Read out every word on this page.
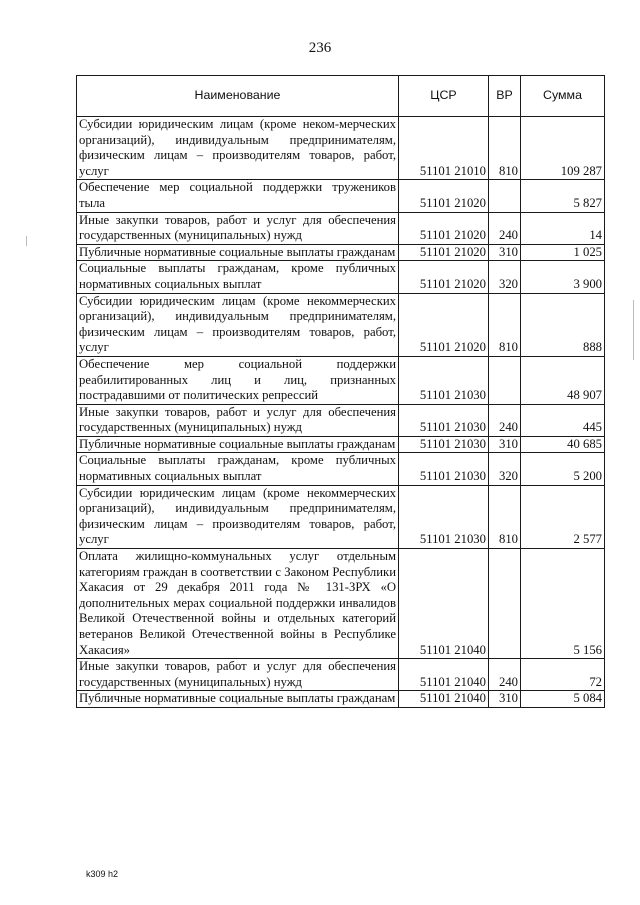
236
Наименование	ЦСР	ВР	Сумма
Субсидии юридическим лицам (кроме неком-мерческих организаций), индивидуальным предпринимателям, физическим лицам – производителям товаров, работ, услуг	51101 21010	810	109 287
Обеспечение мер социальной поддержки тружеников тыла	51101 21020		5 827
Иные закупки товаров, работ и услуг для обеспечения государственных (муниципальных) нужд	51101 21020	240	14
Публичные нормативные социальные выплаты гражданам	51101 21020	310	1 025
Социальные выплаты гражданам, кроме публичных нормативных социальных выплат	51101 21020	320	3 900
Субсидии юридическим лицам (кроме некоммерческих организаций), индивидуальным предпринимателям, физическим лицам – производителям товаров, работ, услуг	51101 21020	810	888
Обеспечение мер социальной поддержки реабилитированных лиц и лиц, признанных пострадавшими от политических репрессий	51101 21030		48 907
Иные закупки товаров, работ и услуг для обеспечения государственных (муниципальных) нужд	51101 21030	240	445
Публичные нормативные социальные выплаты гражданам	51101 21030	310	40 685
Социальные выплаты гражданам, кроме публичных нормативных социальных выплат	51101 21030	320	5 200
Субсидии юридическим лицам (кроме некоммерческих организаций), индивидуальным предпринимателям, физическим лицам – производителям товаров, работ, услуг	51101 21030	810	2 577
Оплата жилищно-коммунальных услуг отдельным категориям граждан в соответствии с Законом Республики Хакасия от 29 декабря 2011 года № 131-ЗРХ «О дополнительных мерах социальной поддержки инвалидов Великой Отечественной войны и отдельных категорий ветеранов Великой Отечественной войны в Республике Хакасия»	51101 21040		5 156
Иные закупки товаров, работ и услуг для обеспечения государственных (муниципальных) нужд	51101 21040	240	72
Публичные нормативные социальные выплаты гражданам	51101 21040	310	5 084
k309 h2
